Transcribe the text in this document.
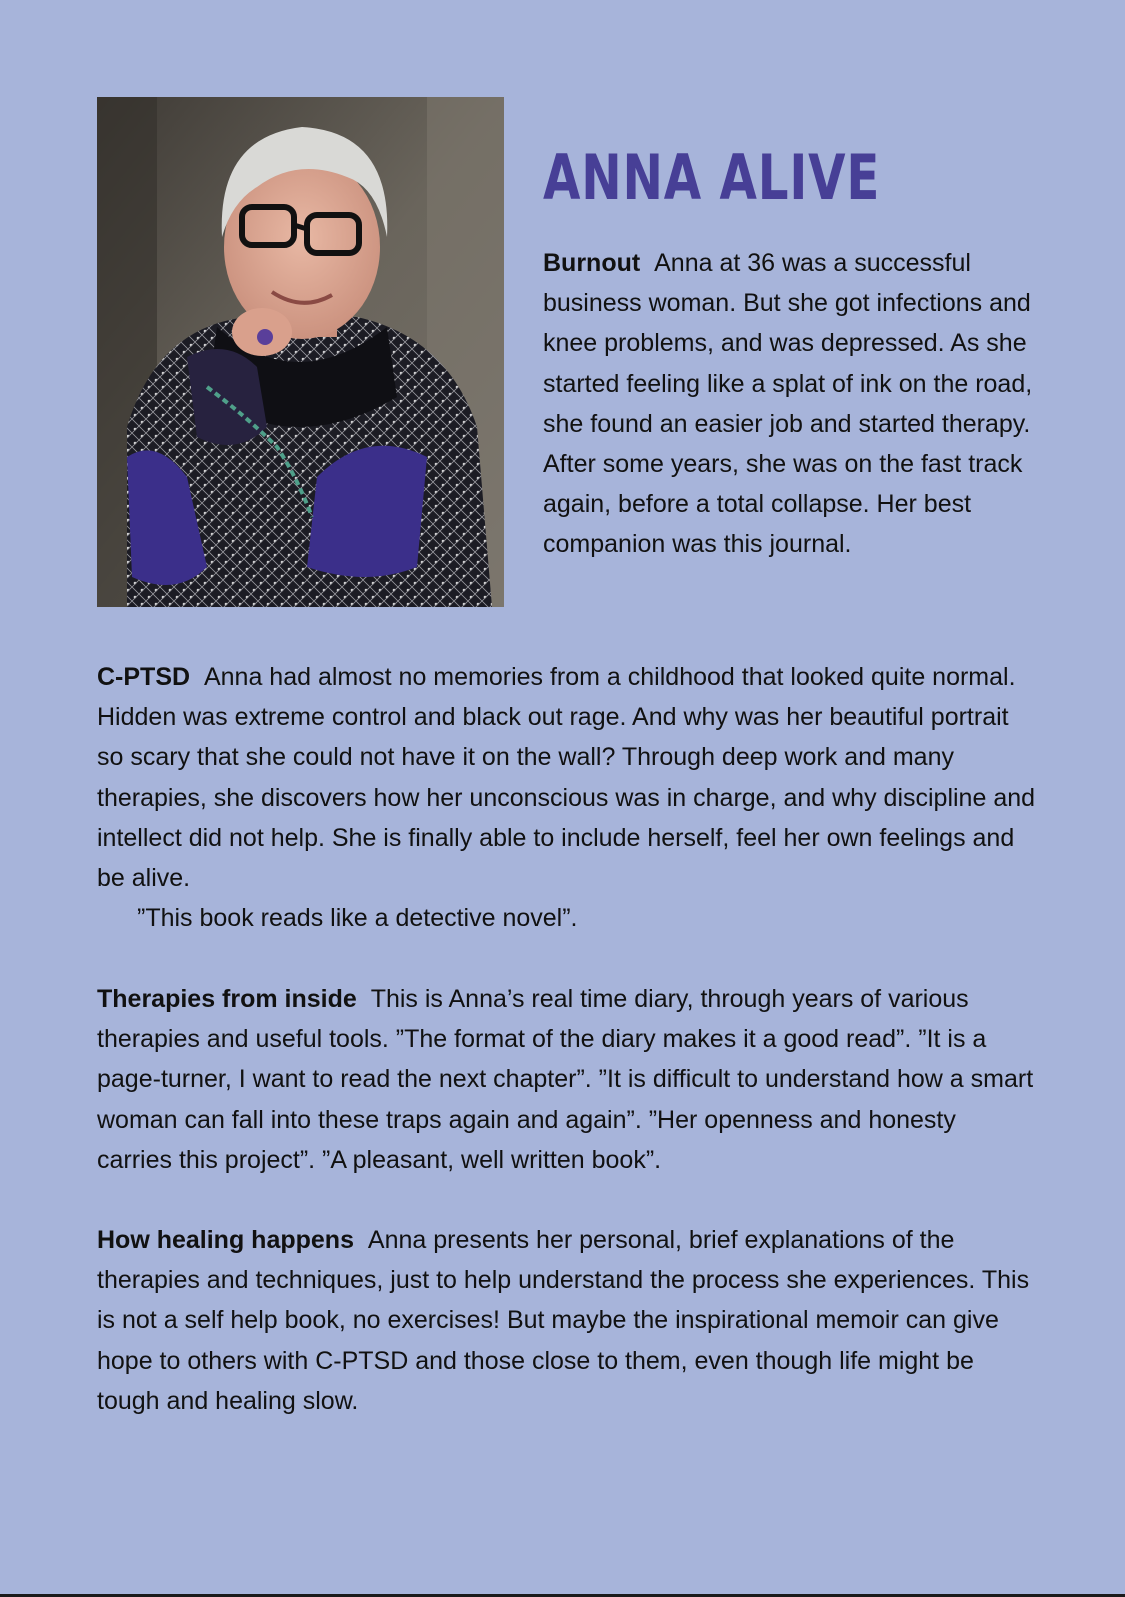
ANNA ALIVE

Burnout Anna at 36 was a successful business woman. But she got infections and knee problems, and was depressed. As she started feeling like a splat of ink on the road, she found an easier job and started therapy. After some years, she was on the fast track again, before a total collapse. Her best companion was this journal.

C-PTSD Anna had almost no memories from a childhood that looked quite normal. Hidden was extreme control and black out rage. And why was her beautiful portrait so scary that she could not have it on the wall? Through deep work and many therapies, she discovers how her unconscious was in charge, and why discipline and intellect did not help. She is finally able to include herself, feel her own feelings and be alive.

”This book reads like a detective novel”.

Therapies from inside This is Anna’s real time diary, through years of various therapies and useful tools. ”The format of the diary makes it a good read”. ”It is a page-turner, I want to read the next chapter”. ”It is difficult to understand how a smart woman can fall into these traps again and again”. ”Her openness and honesty carries this project”. ”A pleasant, well written book”.

How healing happens Anna presents her personal, brief explanations of the therapies and techniques, just to help understand the process she experiences. This is not a self help book, no exercises! But maybe the inspirational memoir can give hope to others with C-PTSD and those close to them, even though life might be tough and healing slow.
